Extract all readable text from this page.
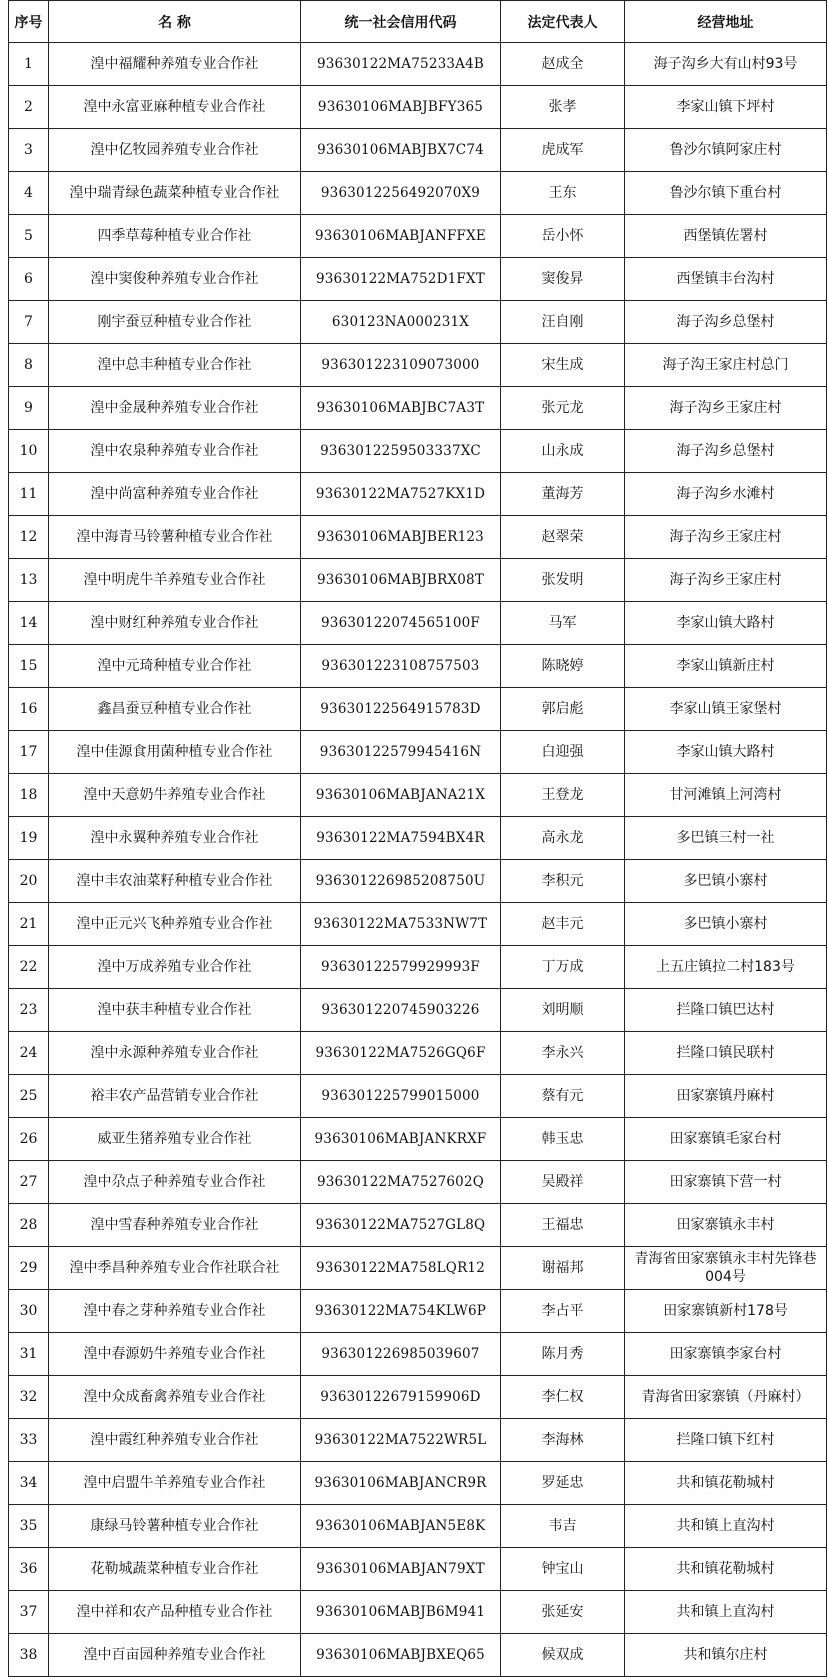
序号	名 称	统一社会信用代码	法定代表人	经营地址
1	湟中福耀种养殖专业合作社	93630122MA75233A4B	赵成全	海子沟乡大有山村93号
2	湟中永富亚麻种植专业合作社	93630106MABJBFY365	张孝	李家山镇下坪村
3	湟中亿牧园养殖专业合作社	93630106MABJBX7C74	虎成军	鲁沙尔镇阿家庄村
4	湟中瑞青绿色蔬菜种植专业合作社	9363012256492070X9	王东	鲁沙尔镇下重台村
5	四季草莓种植专业合作社	93630106MABJANFFXE	岳小怀	西堡镇佐署村
6	湟中窦俊种养殖专业合作社	93630122MA752D1FXT	窦俊昇	西堡镇丰台沟村
7	刚宇蚕豆种植专业合作社	630123NA000231X	汪自刚	海子沟乡总堡村
8	湟中总丰种植专业合作社	936301223109073000	宋生成	海子沟王家庄村总门
9	湟中金晟种养殖专业合作社	93630106MABJBC7A3T	张元龙	海子沟乡王家庄村
10	湟中农泉种养殖专业合作社	9363012259503337XC	山永成	海子沟乡总堡村
11	湟中尚富种养殖专业合作社	93630122MA7527KX1D	董海芳	海子沟乡水滩村
12	湟中海青马铃薯种植专业合作社	93630106MABJBER123	赵翠荣	海子沟乡王家庄村
13	湟中明虎牛羊养殖专业合作社	93630106MABJBRX08T	张发明	海子沟乡王家庄村
14	湟中财红种养殖专业合作社	93630122074565100F	马军	李家山镇大路村
15	湟中元琦种植专业合作社	936301223108757503	陈晓婷	李家山镇新庄村
16	鑫昌蚕豆种植专业合作社	93630122564915783D	郭启彪	李家山镇王家堡村
17	湟中佳源食用菌种植专业合作社	93630122579945416N	白迎强	李家山镇大路村
18	湟中天意奶牛养殖专业合作社	93630106MABJANA21X	王登龙	甘河滩镇上河湾村
19	湟中永翼种养殖专业合作社	93630122MA7594BX4R	高永龙	多巴镇三村一社
20	湟中丰农油菜籽种植专业合作社	936301226985208750U	李积元	多巴镇小寨村
21	湟中正元兴飞种养殖专业合作社	93630122MA7533NW7T	赵丰元	多巴镇小寨村
22	湟中万成养殖专业合作社	93630122579929993F	丁万成	上五庄镇拉二村183号
23	湟中获丰种植专业合作社	936301220745903226	刘明顺	拦隆口镇巴达村
24	湟中永源种养殖专业合作社	93630122MA7526GQ6F	李永兴	拦隆口镇民联村
25	裕丰农产品营销专业合作社	936301225799015000	蔡有元	田家寨镇丹麻村
26	威亚生猪养殖专业合作社	93630106MABJANKRXF	韩玉忠	田家寨镇毛家台村
27	湟中尕点子种养殖专业合作社	93630122MA7527602Q	吴殿祥	田家寨镇下营一村
28	湟中雪春种养殖专业合作社	93630122MA7527GL8Q	王福忠	田家寨镇永丰村
29	湟中季昌种养殖专业合作社联合社	93630122MA758LQR12	谢福邦	青海省田家寨镇永丰村先锋巷004号
30	湟中春之芽种养殖专业合作社	93630122MA754KLW6P	李占平	田家寨镇新村178号
31	湟中春源奶牛养殖专业合作社	936301226985039607	陈月秀	田家寨镇李家台村
32	湟中众成畜禽养殖专业合作社	93630122679159906D	李仁权	青海省田家寨镇（丹麻村）
33	湟中霞红种养殖专业合作社	93630122MA7522WR5L	李海林	拦隆口镇下红村
34	湟中启盟牛羊养殖专业合作社	93630106MABJANCR9R	罗延忠	共和镇花勒城村
35	康绿马铃薯种植专业合作社	93630106MABJAN5E8K	韦吉	共和镇上直沟村
36	花勒城蔬菜种植专业合作社	93630106MABJAN79XT	钟宝山	共和镇花勒城村
37	湟中祥和农产品种植专业合作社	93630106MABJB6M941	张延安	共和镇上直沟村
38	湟中百亩园种养殖专业合作社	93630106MABJBXEQ65	候双成	共和镇尔庄村
